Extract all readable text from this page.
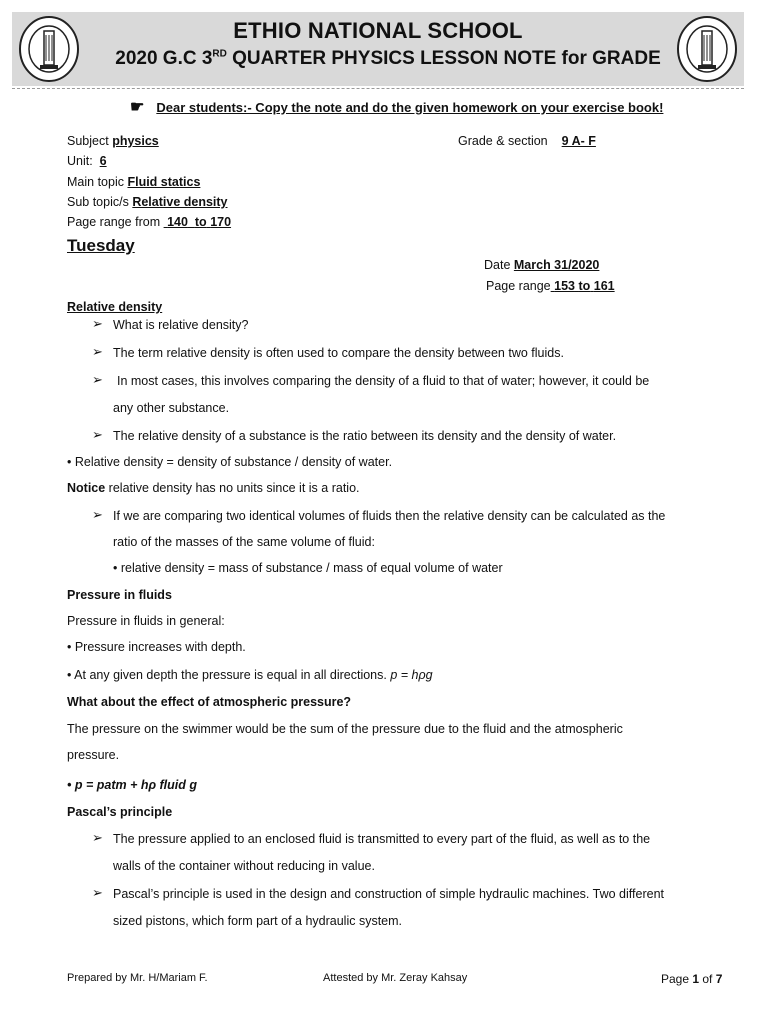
ETHIO NATIONAL SCHOOL
2020 G.C 3RD QUARTER PHYSICS LESSON NOTE for GRADE
☛ Dear students:- Copy the note and do the given homework on your exercise book!
Subject physics
Unit: 6
Main topic Fluid statics
Sub topic/s Relative density
Page range from 140 to 170
Grade & section 9 A- F
Tuesday
Date March 31/2020
Page range 153 to 161
Relative density
➢ What is relative density?
➢ The term relative density is often used to compare the density between two fluids.
➢ In most cases, this involves comparing the density of a fluid to that of water; however, it could be
any other substance.
➢ The relative density of a substance is the ratio between its density and the density of water.
• Relative density = density of substance / density of water.
Notice relative density has no units since it is a ratio.
➢ If we are comparing two identical volumes of fluids then the relative density can be calculated as the
ratio of the masses of the same volume of fluid:
• relative density = mass of substance / mass of equal volume of water
Pressure in fluids
Pressure in fluids in general:
• Pressure increases with depth.
• At any given depth the pressure is equal in all directions. p = hρg
What about the effect of atmospheric pressure?
The pressure on the swimmer would be the sum of the pressure due to the fluid and the atmospheric
pressure.
• p = patm + hρ fluid g
Pascal’s principle
➢ The pressure applied to an enclosed fluid is transmitted to every part of the fluid, as well as to the
walls of the container without reducing in value.
➢ Pascal’s principle is used in the design and construction of simple hydraulic machines. Two different
sized pistons, which form part of a hydraulic system.
Prepared by Mr. H/Mariam F.	Attested by Mr. Zeray Kahsay	Page 1 of 7
